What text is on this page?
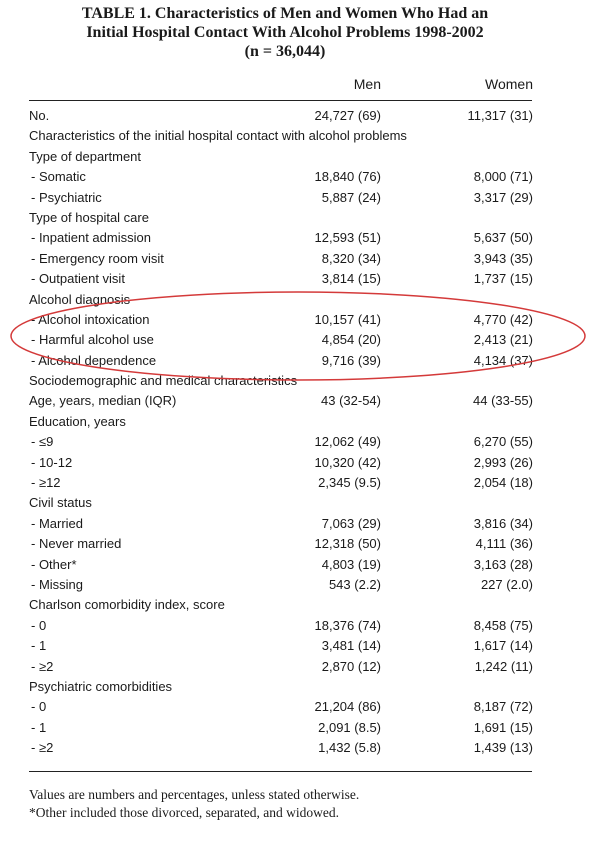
TABLE 1. Characteristics of Men and Women Who Had an
Initial Hospital Contact With Alcohol Problems 1998-2002
(n = 36,044)
Men	Women
No.	24,727 (69)	11,317 (31)
Characteristics of the initial hospital contact with alcohol problems
Type of department
- Somatic	18,840 (76)	8,000 (71)
- Psychiatric	5,887 (24)	3,317 (29)
Type of hospital care
- Inpatient admission	12,593 (51)	5,637 (50)
- Emergency room visit	8,320 (34)	3,943 (35)
- Outpatient visit	3,814 (15)	1,737 (15)
Alcohol diagnosis
- Alcohol intoxication	10,157 (41)	4,770 (42)
- Harmful alcohol use	4,854 (20)	2,413 (21)
- Alcohol dependence	9,716 (39)	4,134 (37)
Sociodemographic and medical characteristics
Age, years, median (IQR)	43 (32-54)	44 (33-55)
Education, years
- ≤9	12,062 (49)	6,270 (55)
- 10-12	10,320 (42)	2,993 (26)
- ≥12	2,345 (9.5)	2,054 (18)
Civil status
- Married	7,063 (29)	3,816 (34)
- Never married	12,318 (50)	4,111 (36)
- Other*	4,803 (19)	3,163 (28)
- Missing	543 (2.2)	227 (2.0)
Charlson comorbidity index, score
- 0	18,376 (74)	8,458 (75)
- 1	3,481 (14)	1,617 (14)
- ≥2	2,870 (12)	1,242 (11)
Psychiatric comorbidities
- 0	21,204 (86)	8,187 (72)
- 1	2,091 (8.5)	1,691 (15)
- ≥2	1,432 (5.8)	1,439 (13)
Values are numbers and percentages, unless stated otherwise.
*Other included those divorced, separated, and widowed.
